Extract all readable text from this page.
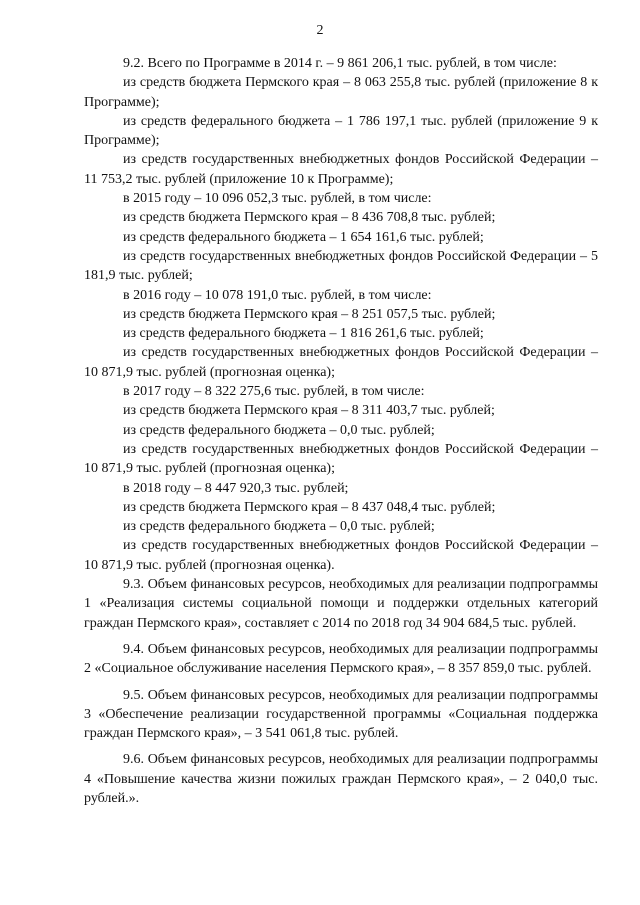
2

9.2. Всего по Программе в 2014 г. – 9 861 206,1 тыс. рублей, в том числе:

из средств бюджета Пермского края – 8 063 255,8 тыс. рублей (приложение 8 к Программе);

из средств федерального бюджета – 1 786 197,1 тыс. рублей (приложение 9 к Программе);

из средств государственных внебюджетных фондов Российской Федерации – 11 753,2 тыс. рублей (приложение 10 к Программе);

в 2015 году – 10 096 052,3 тыс. рублей, в том числе:

из средств бюджета Пермского края – 8 436 708,8 тыс. рублей;

из средств федерального бюджета – 1 654 161,6 тыс. рублей;

из средств государственных внебюджетных фондов Российской Федерации – 5 181,9 тыс. рублей;

в 2016 году – 10 078 191,0 тыс. рублей, в том числе:

из средств бюджета Пермского края – 8 251 057,5 тыс. рублей;

из средств федерального бюджета – 1 816 261,6 тыс. рублей;

из средств государственных внебюджетных фондов Российской Федерации – 10 871,9 тыс. рублей (прогнозная оценка);

в 2017 году – 8 322 275,6 тыс. рублей, в том числе:

из средств бюджета Пермского края – 8 311 403,7 тыс. рублей;

из средств федерального бюджета – 0,0 тыс. рублей;

из средств государственных внебюджетных фондов Российской Федерации – 10 871,9 тыс. рублей (прогнозная оценка);

в 2018 году – 8 447 920,3 тыс. рублей;

из средств бюджета Пермского края – 8 437 048,4 тыс. рублей;

из средств федерального бюджета – 0,0 тыс. рублей;

из средств государственных внебюджетных фондов Российской Федерации – 10 871,9 тыс. рублей (прогнозная оценка).

9.3. Объем финансовых ресурсов, необходимых для реализации подпрограммы 1 «Реализация системы социальной помощи и поддержки отдельных категорий граждан Пермского края», составляет с 2014 по 2018 год 34 904 684,5 тыс. рублей.

9.4. Объем финансовых ресурсов, необходимых для реализации подпрограммы 2 «Социальное обслуживание населения Пермского края», – 8 357 859,0 тыс. рублей.

9.5. Объем финансовых ресурсов, необходимых для реализации подпрограммы 3 «Обеспечение реализации государственной программы «Социальная поддержка граждан Пермского края», – 3 541 061,8 тыс. рублей.

9.6. Объем финансовых ресурсов, необходимых для реализации подпрограммы 4 «Повышение качества жизни пожилых граждан Пермского края», – 2 040,0 тыс. рублей.».
